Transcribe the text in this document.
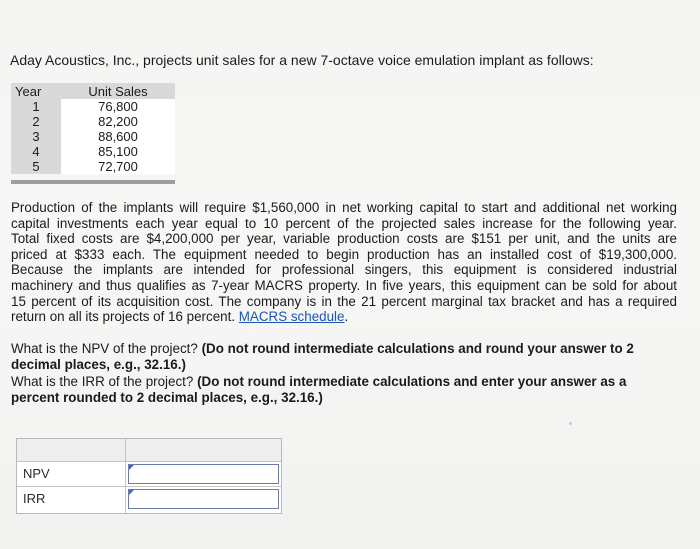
Aday Acoustics, Inc., projects unit sales for a new 7-octave voice emulation implant as follows:
Year	Unit Sales
1	76,800
2	82,200
3	88,600
4	85,100
5	72,700
Production of the implants will require $1,560,000 in net working capital to start and additional net working
capital investments each year equal to 10 percent of the projected sales increase for the following year.
Total fixed costs are $4,200,000 per year, variable production costs are $151 per unit, and the units are
priced at $333 each. The equipment needed to begin production has an installed cost of $19,300,000.
Because the implants are intended for professional singers, this equipment is considered industrial
machinery and thus qualifies as 7-year MACRS property. In five years, this equipment can be sold for about
15 percent of its acquisition cost. The company is in the 21 percent marginal tax bracket and has a required
return on all its projects of 16 percent. MACRS schedule.
What is the NPV of the project? (Do not round intermediate calculations and round your answer to 2
decimal places, e.g., 32.16.)
What is the IRR of the project? (Do not round intermediate calculations and enter your answer as a
percent rounded to 2 decimal places, e.g., 32.16.)
NPV
IRR
